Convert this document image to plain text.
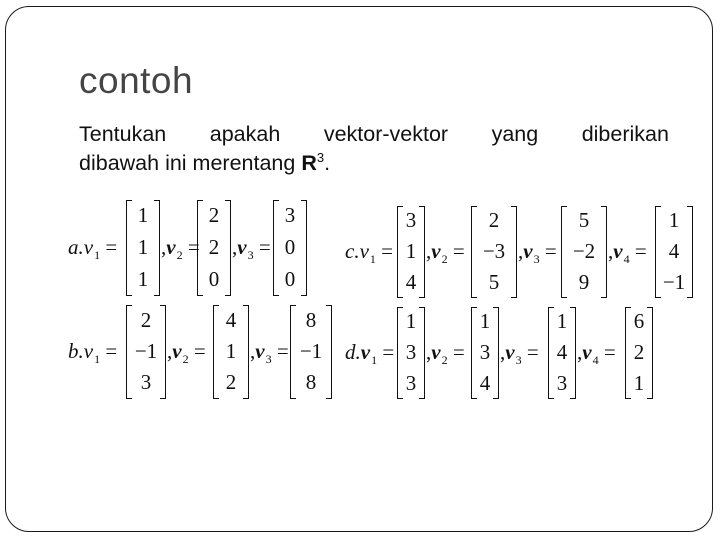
contoh
Tentukan apakah vektor-vektor yang diberikan
dibawah ini merentang $R^3$.
$a.v_1$ =
1
1
1
$,v_2$ =
2
2
0
$,v_3$ =
3
0
0
$b.v_1$ =
2
−1
3
$,v_2$ =
4
1
2
$,v_3$ =
8
−1
8
$c.v_1$ =
3
1
4
$,v_2$ =
2
−3
5
$,v_3$ =
5
−2
9
$,v_4$ =
1
4
−1
$d.v_1$ =
1
3
3
$,v_2$ =
1
3
4
$,v_3$ =
1
4
3
$,v_4$ =
6
2
1
